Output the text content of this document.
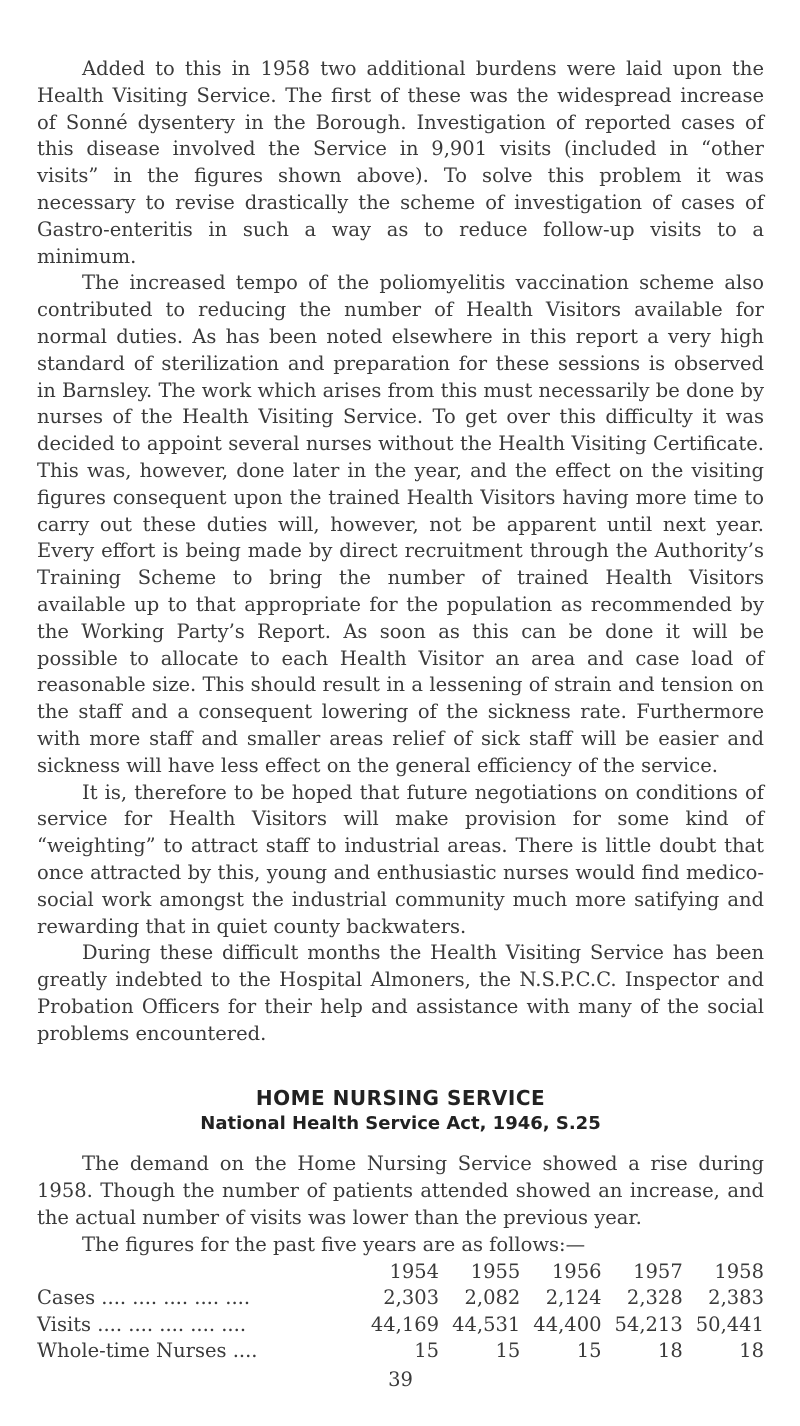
Added to this in 1958 two additional burdens were laid upon the Health Visiting Service. The first of these was the widespread increase of Sonné dysentery in the Borough. Investigation of reported cases of this disease involved the Service in 9,901 visits (included in “other visits” in the figures shown above). To solve this problem it was necessary to revise drastically the scheme of investigation of cases of Gastro-enteritis in such a way as to reduce follow-up visits to a minimum.

The increased tempo of the poliomyelitis vaccination scheme also contributed to reducing the number of Health Visitors available for normal duties. As has been noted elsewhere in this report a very high standard of sterilization and preparation for these sessions is observed in Barnsley. The work which arises from this must necessarily be done by nurses of the Health Visiting Service. To get over this difficulty it was decided to appoint several nurses without the Health Visiting Certificate. This was, however, done later in the year, and the effect on the visiting figures consequent upon the trained Health Visitors having more time to carry out these duties will, however, not be apparent until next year. Every effort is being made by direct recruitment through the Authority’s Training Scheme to bring the number of trained Health Visitors available up to that appropriate for the population as recommended by the Working Party’s Report. As soon as this can be done it will be possible to allocate to each Health Visitor an area and case load of reasonable size. This should result in a lessening of strain and tension on the staff and a consequent lowering of the sickness rate. Furthermore with more staff and smaller areas relief of sick staff will be easier and sickness will have less effect on the general efficiency of the service.

It is, therefore to be hoped that future negotiations on conditions of service for Health Visitors will make provision for some kind of “weighting” to attract staff to industrial areas. There is little doubt that once attracted by this, young and enthusiastic nurses would find medico-social work amongst the industrial community much more satifying and rewarding that in quiet county backwaters.

During these difficult months the Health Visiting Service has been greatly indebted to the Hospital Almoners, the N.S.P.C.C. Inspector and Probation Officers for their help and assistance with many of the social problems encountered.

HOME NURSING SERVICE
National Health Service Act, 1946, S.25

The demand on the Home Nursing Service showed a rise during 1958. Though the number of patients attended showed an increase, and the actual number of visits was lower than the previous year.

The figures for the past five years are as follows:—

	1954	1955	1956	1957	1958
Cases .... .... .... .... ....	2,303	2,082	2,124	2,328	2,383
Visits .... .... .... .... ....	44,169	44,531	44,400	54,213	50,441
Whole-time Nurses ....	15	15	15	18	18
39
